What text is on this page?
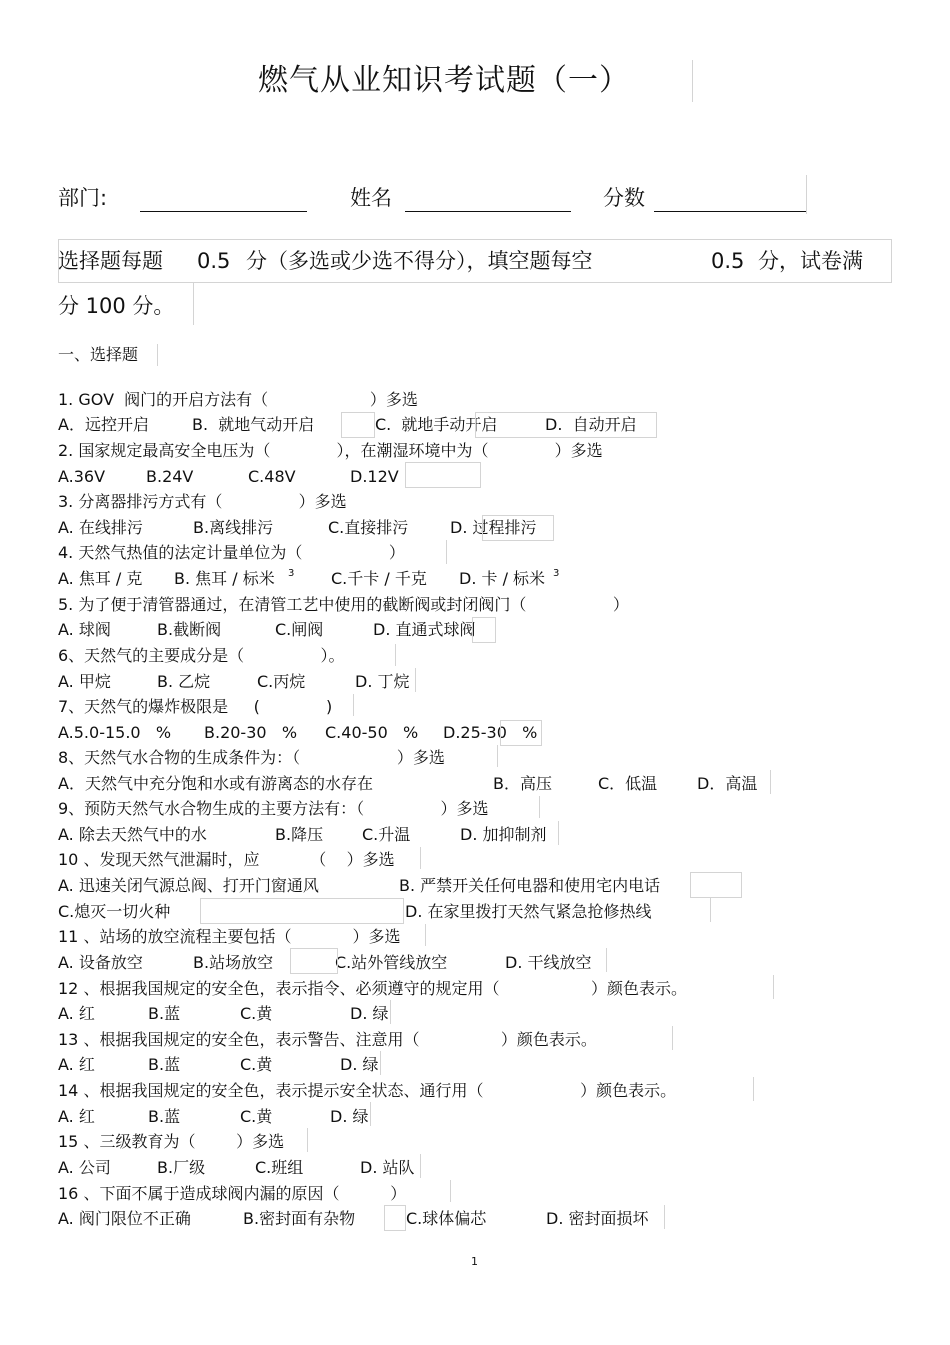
燃气从业知识考试题（一）
部门:	姓名	分数
选择题每题 0.5 分（多选或少选不得分），填空题每空	0.5 分，试卷满
分 100 分。
一、选择题
1. GOV  阀门的开启方法有（                    ）多选
A．远控开启	B.  就地气动开启	C.  就地手动开启	D.  自动开启
2. 国家规定最高安全电压为（             ），在潮湿环境中为（             ）多选
A.36V	B.24V	C.48V	D.12V
3. 分离器排污方式有（               ）多选
A. 在线排污	B.离线排污	C.直接排污	D. 过程排污
4. 天然气热值的法定计量单位为（                 ）
A. 焦耳 / 克 B. 焦耳 / 标米 3 C.千卡 / 千克 D. 卡 / 标米 3
5. 为了便于清管器通过，在清管工艺中使用的截断阀或封闭阀门（                 ）
A. 球阀	B.截断阀	C.闸阀	D. 直通式球阀
6、天然气的主要成分是（               ）。
A. 甲烷	B. 乙烷	C.丙烷	D. 丁烷
7、天然气的爆炸极限是     (             )
A.5.0-15.0   % B.20-30   % C.40-50   % D.25-30   %
8、天然气水合物的生成条件为：（                   ）多选
A．天然气中充分饱和水或有游离态的水存在	B．高压	C．低温 D．高温
9、预防天然气水合物生成的主要方法有：（               ）多选
A. 除去天然气中的水	B.降压 C.升温	D. 加抑制剂
10 、发现天然气泄漏时，应          （    ）多选
A. 迅速关闭气源总阀、打开门窗通风	B. 严禁开关任何电器和使用宅内电话
C.熄灭一切火种	D. 在家里拨打天然气紧急抢修热线
11 、站场的放空流程主要包括（            ）多选
A. 设备放空	B.站场放空	C.站外管线放空	D. 干线放空
12 、根据我国规定的安全色，表示指令、必须遵守的规定用（                  ）颜色表示。
A. 红	B.蓝	C.黄	D. 绿
13 、根据我国规定的安全色，表示警告、注意用（                ）颜色表示。
A. 红	B.蓝	C.黄	D. 绿
14 、根据我国规定的安全色，表示提示安全状态、通行用（                   ）颜色表示。
A. 红	B.蓝	C.黄	D. 绿
15 、三级教育为（        ）多选
A. 公司	B.厂级	C.班组	D. 站队
16 、下面不属于造成球阀内漏的原因（          ）
A. 阀门限位不正确	B.密封面有杂物	C.球体偏芯	D. 密封面损坏
1
